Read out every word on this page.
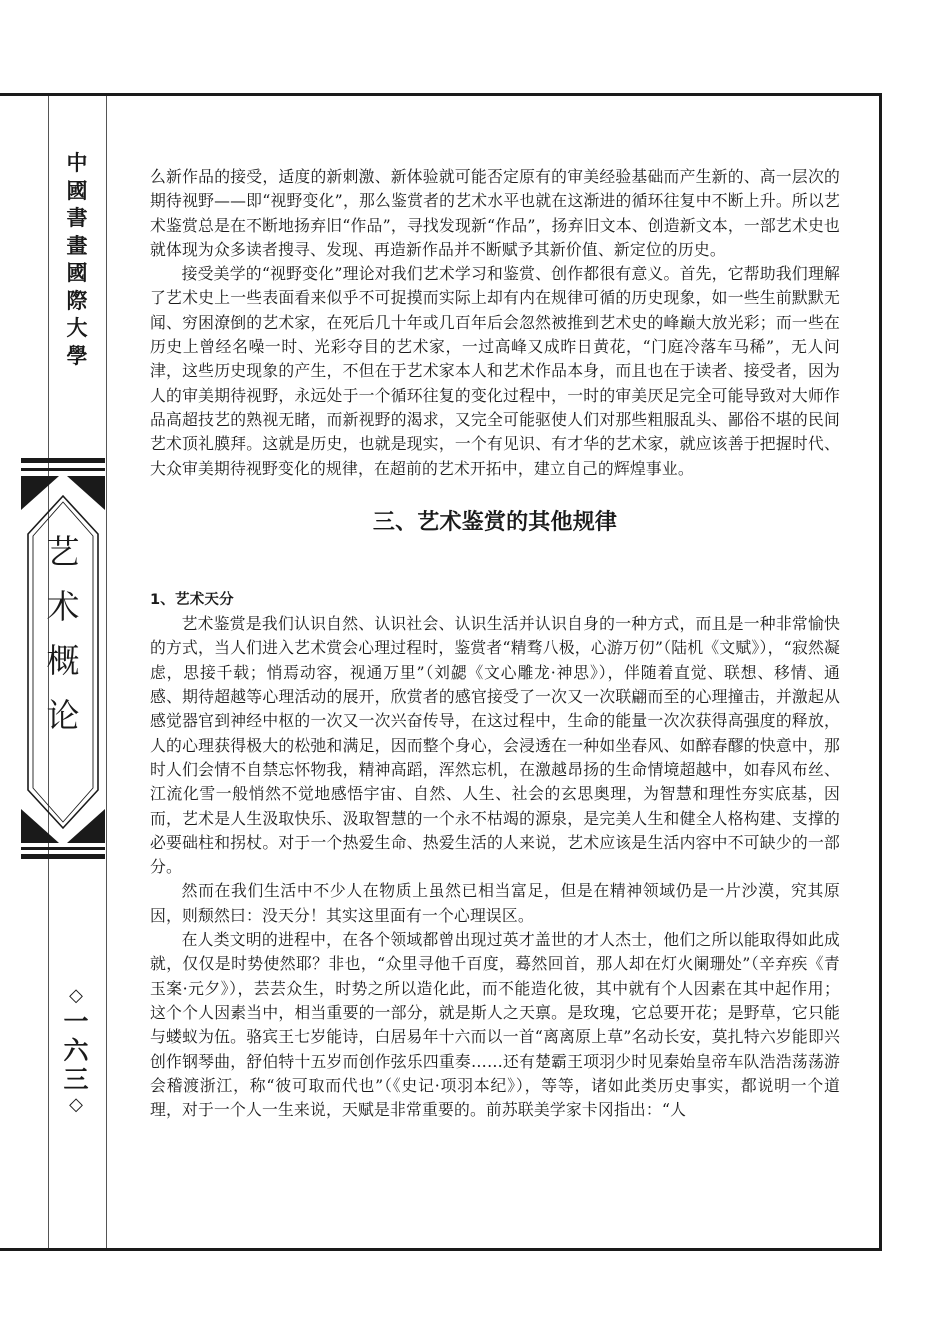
中
國
書
畫
國
際
大
學
艺
术
概
论
◇
一
六
三
◇

么新作品的接受，适度的新刺激、新体验就可能否定原有的审美经验基础而产生新的、高一层次的期待视野——即“视野变化”，那么鉴赏者的艺术水平也就在这渐进的循环往复中不断上升。所以艺术鉴赏总是在不断地扬弃旧“作品”，寻找发现新“作品”，扬弃旧文本、创造新文本，一部艺术史也就体现为众多读者搜寻、发现、再造新作品并不断赋予其新价值、新定位的历史。

接受美学的“视野变化”理论对我们艺术学习和鉴赏、创作都很有意义。首先，它帮助我们理解了艺术史上一些表面看来似乎不可捉摸而实际上却有内在规律可循的历史现象，如一些生前默默无闻、穷困潦倒的艺术家，在死后几十年或几百年后会忽然被推到艺术史的峰巅大放光彩；而一些在历史上曾经名噪一时、光彩夺目的艺术家，一过高峰又成昨日黄花，“门庭冷落车马稀”，无人问津，这些历史现象的产生，不但在于艺术家本人和艺术作品本身，而且也在于读者、接受者，因为人的审美期待视野，永远处于一个循环往复的变化过程中，一时的审美厌足完全可能导致对大师作品高超技艺的熟视无睹，而新视野的渴求，又完全可能驱使人们对那些粗服乱头、鄙俗不堪的民间艺术顶礼膜拜。这就是历史，也就是现实，一个有见识、有才华的艺术家，就应该善于把握时代、大众审美期待视野变化的规律，在超前的艺术开拓中，建立自己的辉煌事业。

三、艺术鉴赏的其他规律

1、艺术天分

艺术鉴赏是我们认识自然、认识社会、认识生活并认识自身的一种方式，而且是一种非常愉快的方式，当人们进入艺术赏会心理过程时，鉴赏者“精骛八极，心游万仞”（陆机《文赋》），“寂然凝虑，思接千载；悄焉动容，视通万里”（刘勰《文心雕龙·神思》），伴随着直觉、联想、移情、通感、期待超越等心理活动的展开，欣赏者的感官接受了一次又一次联翩而至的心理撞击，并激起从感觉器官到神经中枢的一次又一次兴奋传导，在这过程中，生命的能量一次次获得高强度的释放，人的心理获得极大的松弛和满足，因而整个身心，会浸透在一种如坐春风、如醉春醪的快意中，那时人们会情不自禁忘怀物我，精神高蹈，浑然忘机，在激越昂扬的生命情境超越中，如春风布丝、江流化雪一般悄然不觉地感悟宇宙、自然、人生、社会的玄思奥理，为智慧和理性夯实底基，因而，艺术是人生汲取快乐、汲取智慧的一个永不枯竭的源泉，是完美人生和健全人格构建、支撑的必要础柱和拐杖。对于一个热爱生命、热爱生活的人来说，艺术应该是生活内容中不可缺少的一部分。

然而在我们生活中不少人在物质上虽然已相当富足，但是在精神领域仍是一片沙漠，究其原因，则颓然曰：没天分！其实这里面有一个心理误区。

在人类文明的进程中，在各个领域都曾出现过英才盖世的才人杰士，他们之所以能取得如此成就，仅仅是时势使然耶？非也，“众里寻他千百度，蓦然回首，那人却在灯火阑珊处”（辛弃疾《青玉案·元夕》），芸芸众生，时势之所以造化此，而不能造化彼，其中就有个人因素在其中起作用；这个个人因素当中，相当重要的一部分，就是斯人之天禀。是玫瑰，它总要开花；是野草，它只能与蝼蚁为伍。骆宾王七岁能诗，白居易年十六而以一首“离离原上草”名动长安，莫扎特六岁能即兴创作钢琴曲，舒伯特十五岁而创作弦乐四重奏……还有楚霸王项羽少时见秦始皇帝车队浩浩荡荡游会稽渡浙江，称“彼可取而代也”（《史记·项羽本纪》），等等，诸如此类历史事实，都说明一个道理，对于一个人一生来说，天赋是非常重要的。前苏联美学家卡冈指出：“人
